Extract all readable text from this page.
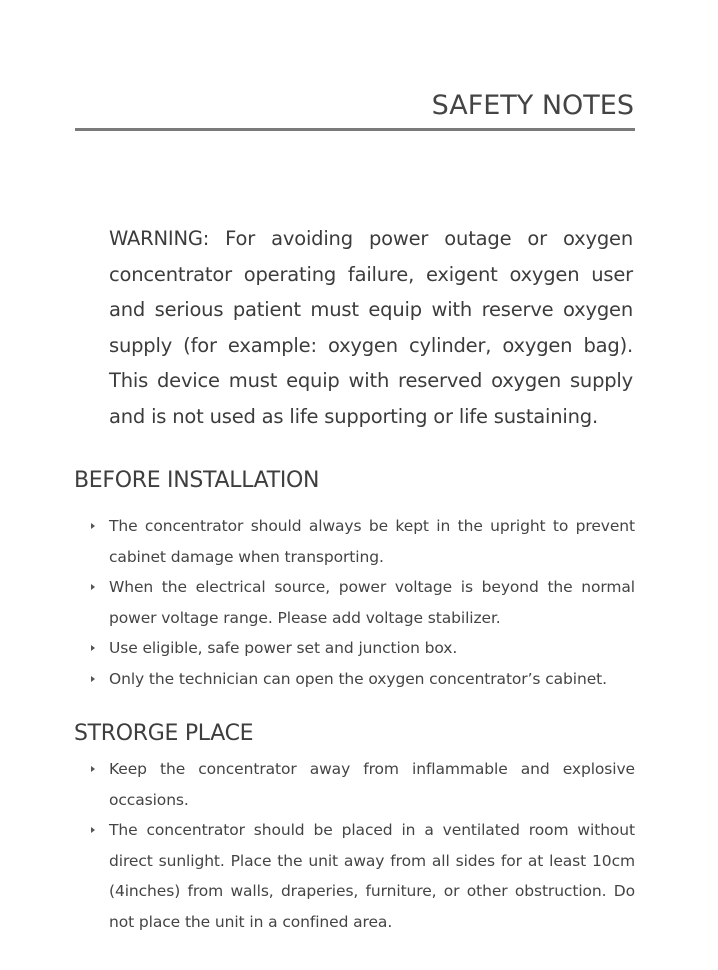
SAFETY NOTES

WARNING: For avoiding power outage or oxygen concentrator operating failure, exigent oxygen user and serious patient must equip with reserve oxygen supply (for example: oxygen cylinder, oxygen bag). This device must equip with reserved oxygen supply and is not used as life supporting or life sustaining.

BEFORE INSTALLATION
The concentrator should always be kept in the upright to prevent cabinet damage when transporting.
When the electrical source, power voltage is beyond the normal power voltage range. Please add voltage stabilizer.
Use eligible, safe power set and junction box.
Only the technician can open the oxygen concentrator’s cabinet.
STRORGE PLACE
Keep the concentrator away from inflammable and explosive occasions.
The concentrator should be placed in a ventilated room without direct sunlight. Place the unit away from all sides for at least 10cm (4inches) from walls, draperies, furniture, or other obstruction. Do not place the unit in a confined area.
